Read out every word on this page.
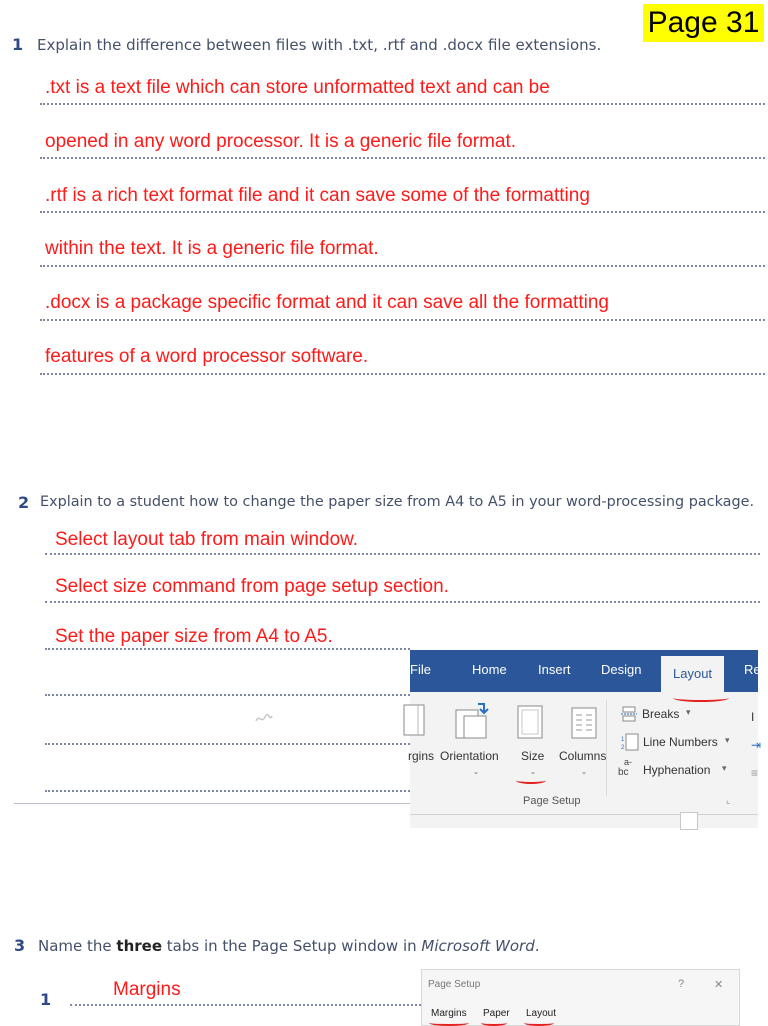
Page 31
1 Explain the difference between files with .txt, .rtf and .docx file extensions.
.txt is a text file which can store unformatted text and can be
opened in any word processor. It is a generic file format.
.rtf is a rich text format file and it can save some of the formatting
within the text. It is a generic file format.
.docx is a package specific format and it can save all the formatting
features of a word processor software.
2 Explain to a student how to change the paper size from A4 to A5 in your word-processing package.
Select layout tab from main window.
Select size command from page setup section.
Set the paper size from A4 to A5.
File	Home Insert Design	Layout	Re
rgins Orientation Size Columns
-	-	-
Breaks ▾
1
2 Line Numbers ▾
a-
bc Hyphenation ▾
I
⇥
≡
Page Setup	⌞
3 Name the three tabs in the Page Setup window in Microsoft Word.
1	Margins	Page Setup	?	✕
Margins Paper Layout
